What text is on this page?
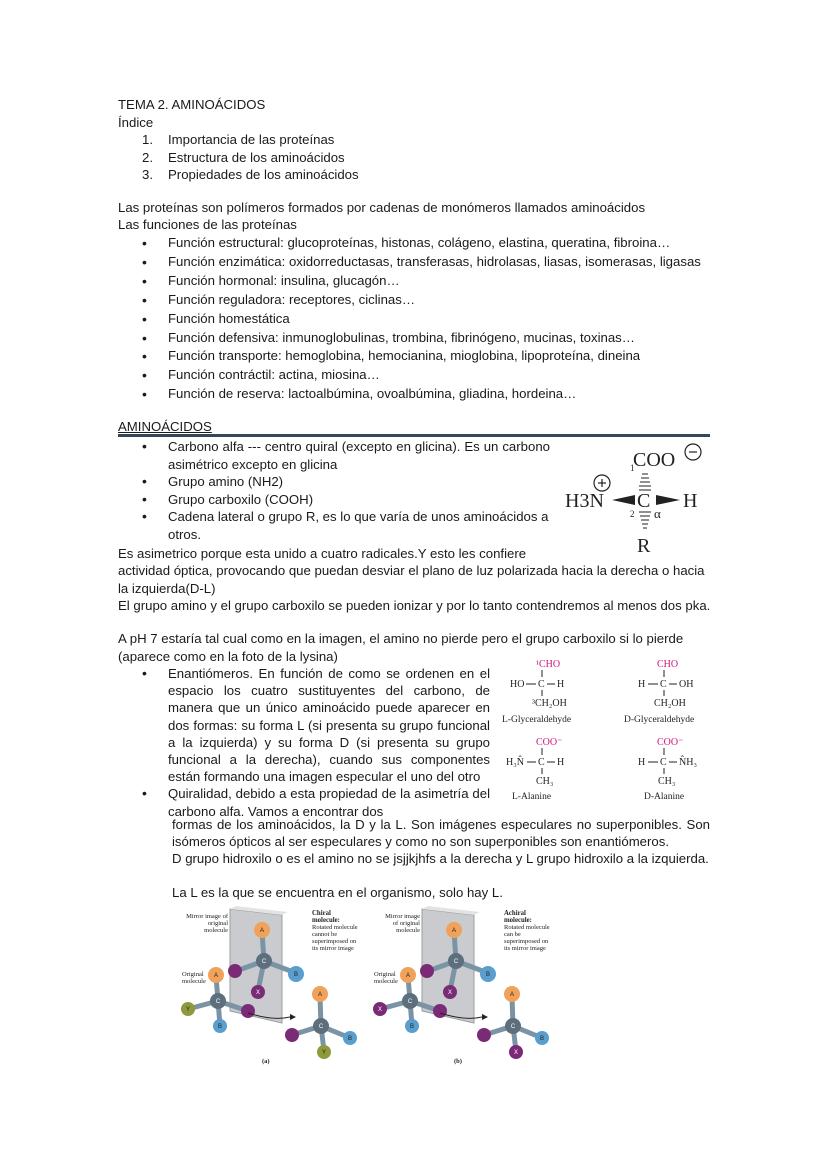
TEMA 2. AMINOÁCIDOS

Índice

1. Importancia de las proteínas
2. Estructura de los aminoácidos
3. Propiedades de los aminoácidos

Las proteínas son polímeros formados por cadenas de monómeros llamados aminoácidos

Las funciones de las proteínas

• Función estructural: glucoproteínas, histonas, colágeno, elastina, queratina, fibroina…
• Función enzimática: oxidorreductasas, transferasas, hidrolasas, liasas, isomerasas, ligasas
• Función hormonal: insulina, glucagón…
• Función reguladora: receptores, ciclinas…
• Función homestática
• Función defensiva: inmunoglobulinas, trombina, fibrinógeno, mucinas, toxinas…
• Función transporte: hemoglobina, hemocianina, mioglobina, lipoproteína, dineina
• Función contráctil: actina, miosina…
• Función de reserva: lactoalbúmina, ovoalbúmina, gliadina, hordeina…

AMINOÁCIDOS

• Carbono alfa --- centro quiral (excepto en glicina). Es un carbono asimétrico excepto en glicina
• Grupo amino (NH2)
• Grupo carboxilo (COOH)
• Cadena lateral o grupo R, es lo que varía de unos aminoácidos a otros.
COO
1
H3N C H
2 α
R

Es asimetrico porque esta unido a cuatro radicales.Y esto les confiere

actividad óptica, provocando que puedan desviar el plano de luz polarizada hacia la derecha o hacia la izquierda(D-L)

El grupo amino y el grupo carboxilo se pueden ionizar y por lo tanto contendremos al menos dos pka.

A pH 7 estaría tal cual como en la imagen, el amino no pierde pero el grupo carboxilo si lo pierde (aparece como en la foto de la lysina)

• Enantiómeros. En función de como se ordenen en el espacio los cuatro sustituyentes del carbono, de manera que un único aminoácido puede aparecer en dos formas: su forma L (si presenta su grupo funcional a la izquierda) y su forma D (si presenta su grupo funcional a la derecha), cuando sus componentes están formando una imagen especular el uno del otro
• Quiralidad, debido a esta propiedad de la asimetría del carbono alfa. Vamos a encontrar dos
¹CHO
HO C H
³CH₂OH
L-Glyceraldehyde
CHO
H C OH
CH₂OH
D-Glyceraldehyde
COO⁻
H₃N̂ C H
CH₃
L-Alanine
COO⁻
H C N̂H₃
CH₃
D-Alanine

formas de los aminoácidos, la D y la L. Son imágenes especulares no superponibles. Son isómeros ópticos al ser especulares y como no son superponibles son enantiómeros.

D grupo hidroxilo o es el amino no se jsjjkjhfs a la derecha y L grupo hidroxilo a la izquierda.

La L es la que se encuentra en el organismo, solo hay L.

Mirror image of original molecule
Chiral molecule:
Rotated molecule cannot be superimposed on its mirror image
Original molecule
Mirror image of original molecule
Achiral molecule:
Rotated molecule can be superimposed on its mirror image
Original molecule
(a)	(b)
A
B
C
X
A
C
Y
B
A
C
B
Y
A
B
C
X
A
C
X
B
A
C
B
X
